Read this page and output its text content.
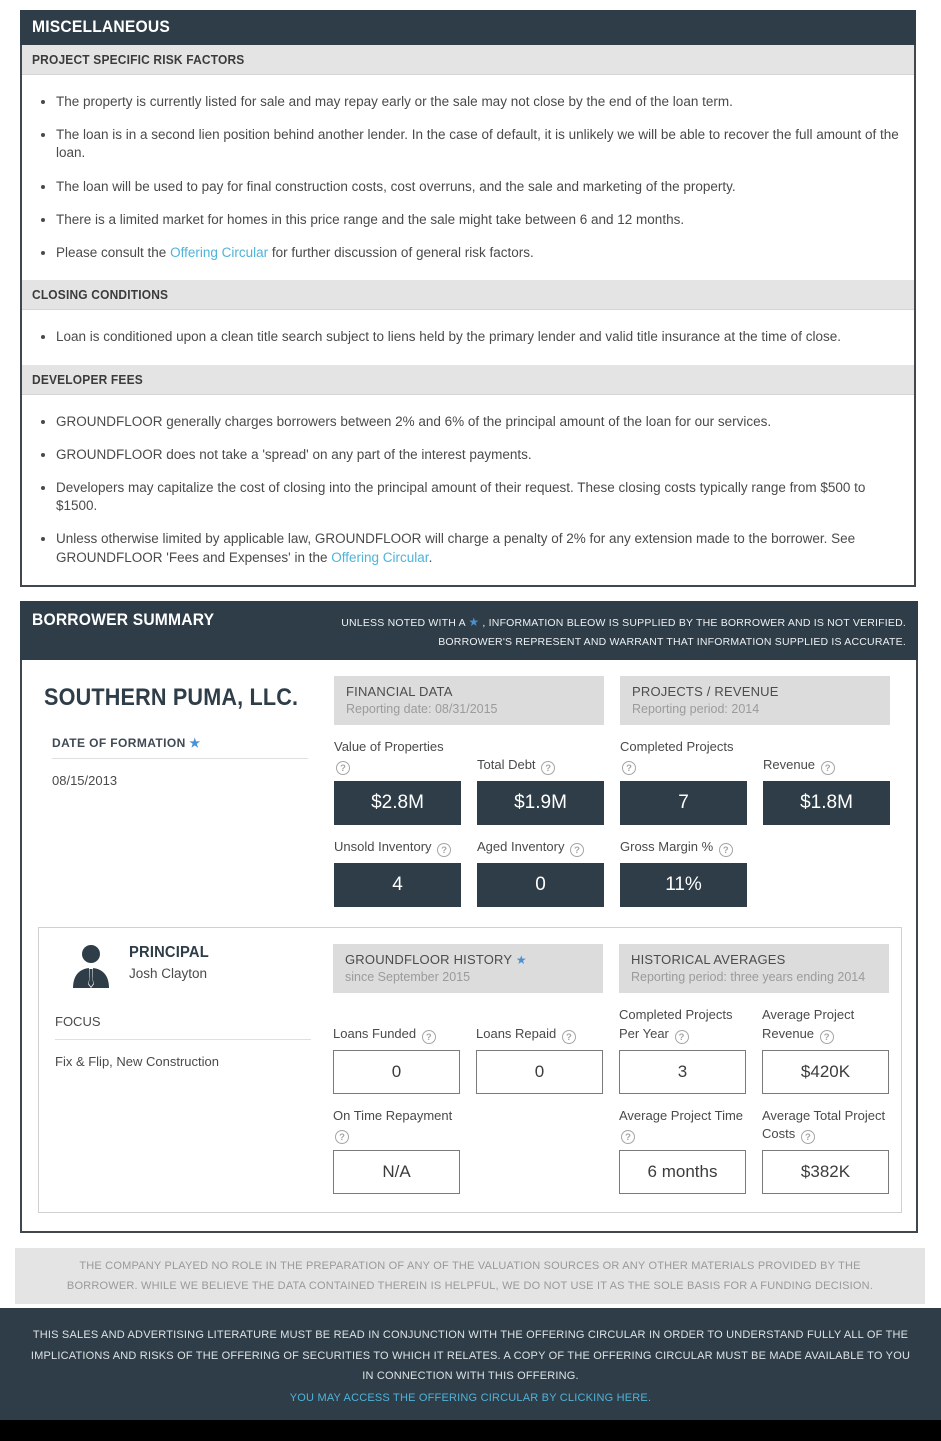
MISCELLANEOUS
PROJECT SPECIFIC RISK FACTORS
• The property is currently listed for sale and may repay early or the sale may not close by the end of the loan term.
• The loan is in a second lien position behind another lender. In the case of default, it is unlikely we will be able to recover the full amount of the loan.
• The loan will be used to pay for final construction costs, cost overruns, and the sale and marketing of the property.
• There is a limited market for homes in this price range and the sale might take between 6 and 12 months.
• Please consult the Offering Circular for further discussion of general risk factors.
CLOSING CONDITIONS
• Loan is conditioned upon a clean title search subject to liens held by the primary lender and valid title insurance at the time of close.
DEVELOPER FEES
• GROUNDFLOOR generally charges borrowers between 2% and 6% of the principal amount of the loan for our services.
• GROUNDFLOOR does not take a 'spread' on any part of the interest payments.
• Developers may capitalize the cost of closing into the principal amount of their request. These closing costs typically range from $500 to $1500.
• Unless otherwise limited by applicable law, GROUNDFLOOR will charge a penalty of 2% for any extension made to the borrower. See GROUNDFLOOR 'Fees and Expenses' in the Offering Circular.
BORROWER SUMMARY	UNLESS NOTED WITH A ★ , INFORMATION BLEOW IS SUPPLIED BY THE BORROWER AND IS NOT VERIFIED.
BORROWER'S REPRESENT AND WARRANT THAT INFORMATION SUPPLIED IS ACCURATE.
SOUTHERN PUMA, LLC.
DATE OF FORMATION ★
08/15/2013
FINANCIAL DATA
Reporting date: 08/31/2015
PROJECTS / REVENUE
Reporting period: 2014
Value of Properties ?
$2.8M
Total Debt ?
$1.9M
Completed Projects ?
7
Revenue ?
$1.8M
Unsold Inventory ?
4
Aged Inventory ?
0
Gross Margin % ?
11%
PRINCIPAL
Josh Clayton
FOCUS
Fix & Flip, New Construction
GROUNDFLOOR HISTORY ★
since September 2015
HISTORICAL AVERAGES
Reporting period: three years ending 2014
Loans Funded ?
0
Loans Repaid ?
0
Completed Projects Per Year ?
3
Average Project Revenue ?
$420K
On Time Repayment ?
N/A
Average Project Time ?
6 months
Average Total Project Costs ?
$382K
THE COMPANY PLAYED NO ROLE IN THE PREPARATION OF ANY OF THE VALUATION SOURCES OR ANY OTHER MATERIALS PROVIDED BY THE BORROWER. WHILE WE BELIEVE THE DATA CONTAINED THEREIN IS HELPFUL, WE DO NOT USE IT AS THE SOLE BASIS FOR A FUNDING DECISION.

THIS SALES AND ADVERTISING LITERATURE MUST BE READ IN CONJUNCTION WITH THE OFFERING CIRCULAR IN ORDER TO UNDERSTAND FULLY ALL OF THE IMPLICATIONS AND RISKS OF THE OFFERING OF SECURITIES TO WHICH IT RELATES. A COPY OF THE OFFERING CIRCULAR MUST BE MADE AVAILABLE TO YOU IN CONNECTION WITH THIS OFFERING.

YOU MAY ACCESS THE OFFERING CIRCULAR BY CLICKING HERE.
